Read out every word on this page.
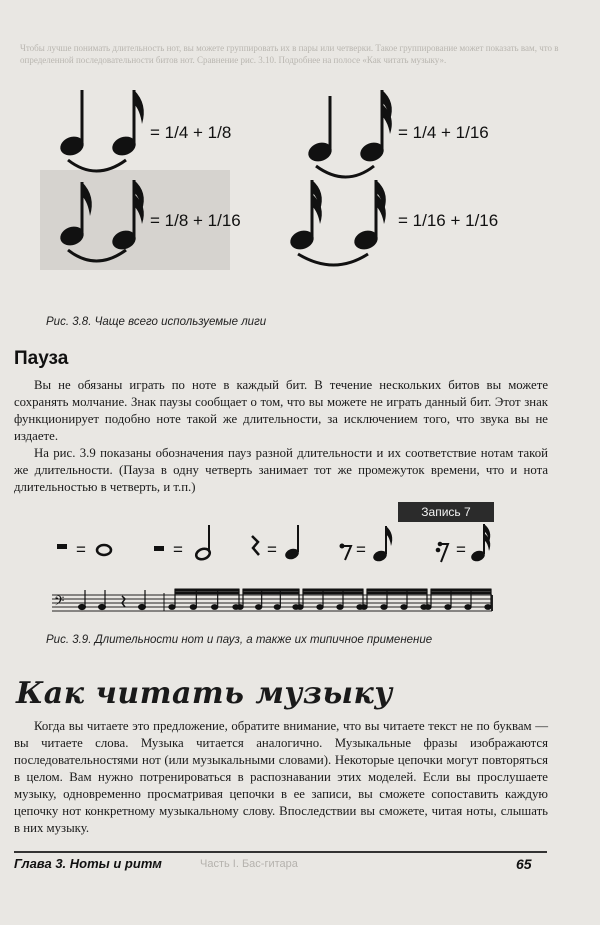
Чтобы лучше понимать длительность нот, вы можете группировать их в пары или четверки. Такое группирование может показать вам, что в определенной последовательности битов нот. Сравнение рис. 3.10. Подробнее на полосе «Как читать музыку».
= 1/4 + 1/8	= 1/4 + 1/16
= 1/8 + 1/16	= 1/16 + 1/16
Рис. 3.8. Чаще всего используемые лиги
Пауза

Вы не обязаны играть по ноте в каждый бит. В течение нескольких битов вы можете сохранять молчание. Знак паузы сообщает о том, что вы можете не играть данный бит. Этот знак функционирует подобно ноте такой же длительности, за исключением того, что звука вы не издаете.

На рис. 3.9 показаны обозначения пауз разной длительности и их соответствие нотам такой же длительности. (Пауза в одну четверть занимает тот же промежуток времени, что и нота длительностью в четверть, и т.п.)

Запись 7
=	=	=	=	=
𝄢
Рис. 3.9. Длительности нот и пауз, а также их типичное применение
Как читать музыку

Когда вы читаете это предложение, обратите внимание, что вы читаете текст не по буквам — вы читаете слова. Музыка читается аналогично. Музыкальные фразы изображаются последовательностями нот (или музыкальными словами). Некоторые цепочки могут повторяться в целом. Вам нужно потренироваться в распознавании этих моделей. Если вы прослушаете музыку, одновременно просматривая цепочки в ее записи, вы сможете сопоставить каждую цепочку нот конкретному музыкальному слову. Впоследствии вы сможете, читая ноты, слышать в них музыку.

Глава 3. Ноты и ритм	Часть I. Бас-гитара	65
